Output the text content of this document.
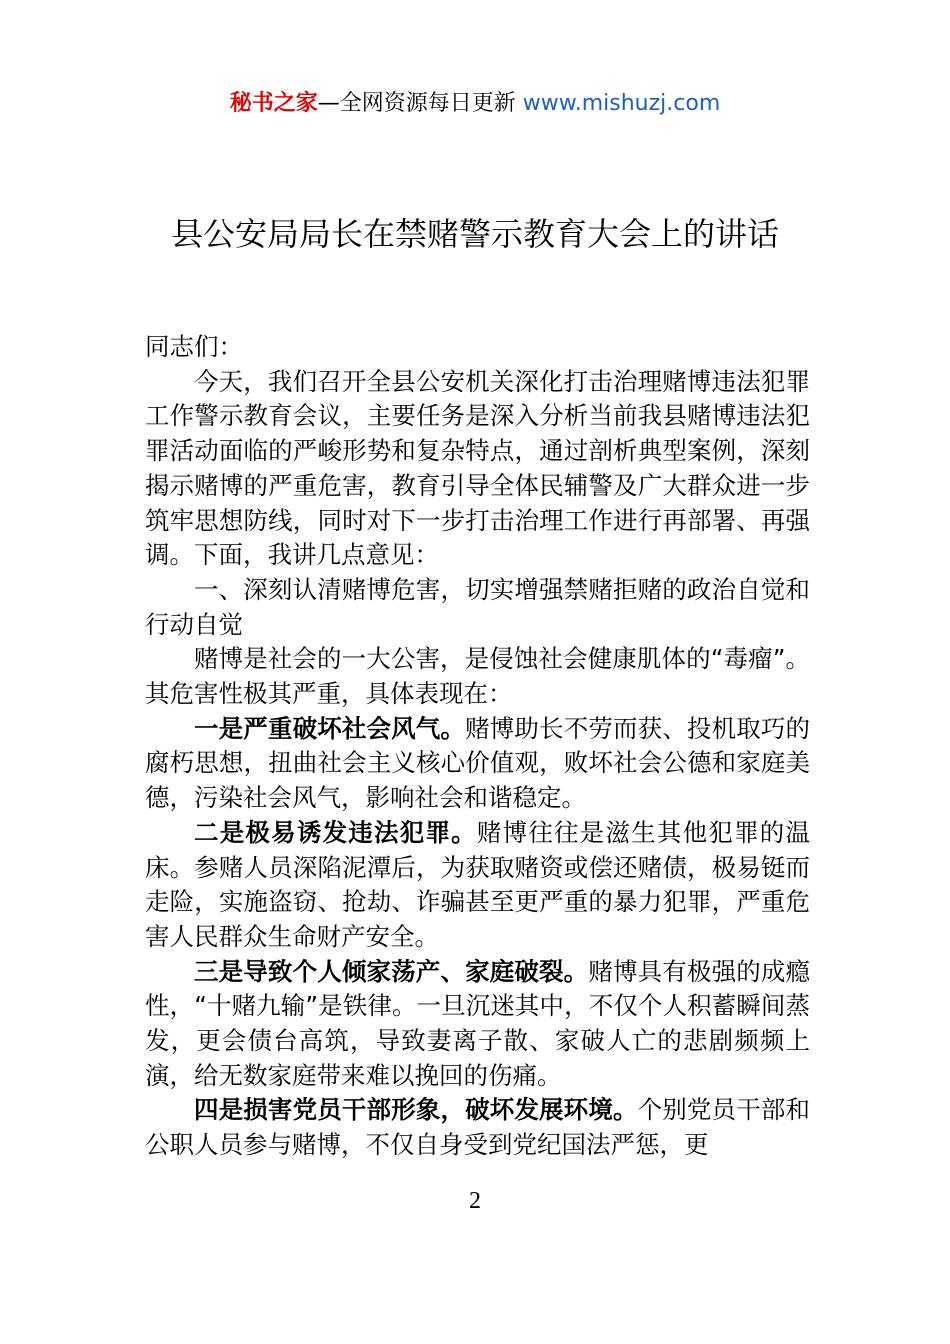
秘书之家—全网资源每日更新 www.mishuzj.com
县公安局局长在禁赌警示教育大会上的讲话

同志们：

今天，我们召开全县公安机关深化打击治理赌博违法犯罪工作警示教育会议，主要任务是深入分析当前我县赌博违法犯罪活动面临的严峻形势和复杂特点，通过剖析典型案例，深刻揭示赌博的严重危害，教育引导全体民辅警及广大群众进一步筑牢思想防线，同时对下一步打击治理工作进行再部署、再强调。下面，我讲几点意见：

一、深刻认清赌博危害，切实增强禁赌拒赌的政治自觉和行动自觉

赌博是社会的一大公害，是侵蚀社会健康肌体的“毒瘤”。其危害性极其严重，具体表现在：

一是严重破坏社会风气。赌博助长不劳而获、投机取巧的腐朽思想，扭曲社会主义核心价值观，败坏社会公德和家庭美德，污染社会风气，影响社会和谐稳定。

二是极易诱发违法犯罪。赌博往往是滋生其他犯罪的温床。参赌人员深陷泥潭后，为获取赌资或偿还赌债，极易铤而走险，实施盗窃、抢劫、诈骗甚至更严重的暴力犯罪，严重危害人民群众生命财产安全。

三是导致个人倾家荡产、家庭破裂。赌博具有极强的成瘾性，“十赌九输”是铁律。一旦沉迷其中，不仅个人积蓄瞬间蒸发，更会债台高筑，导致妻离子散、家破人亡的悲剧频频上演，给无数家庭带来难以挽回的伤痛。

四是损害党员干部形象，破坏发展环境。个别党员干部和公职人员参与赌博，不仅自身受到党纪国法严惩，更

2
